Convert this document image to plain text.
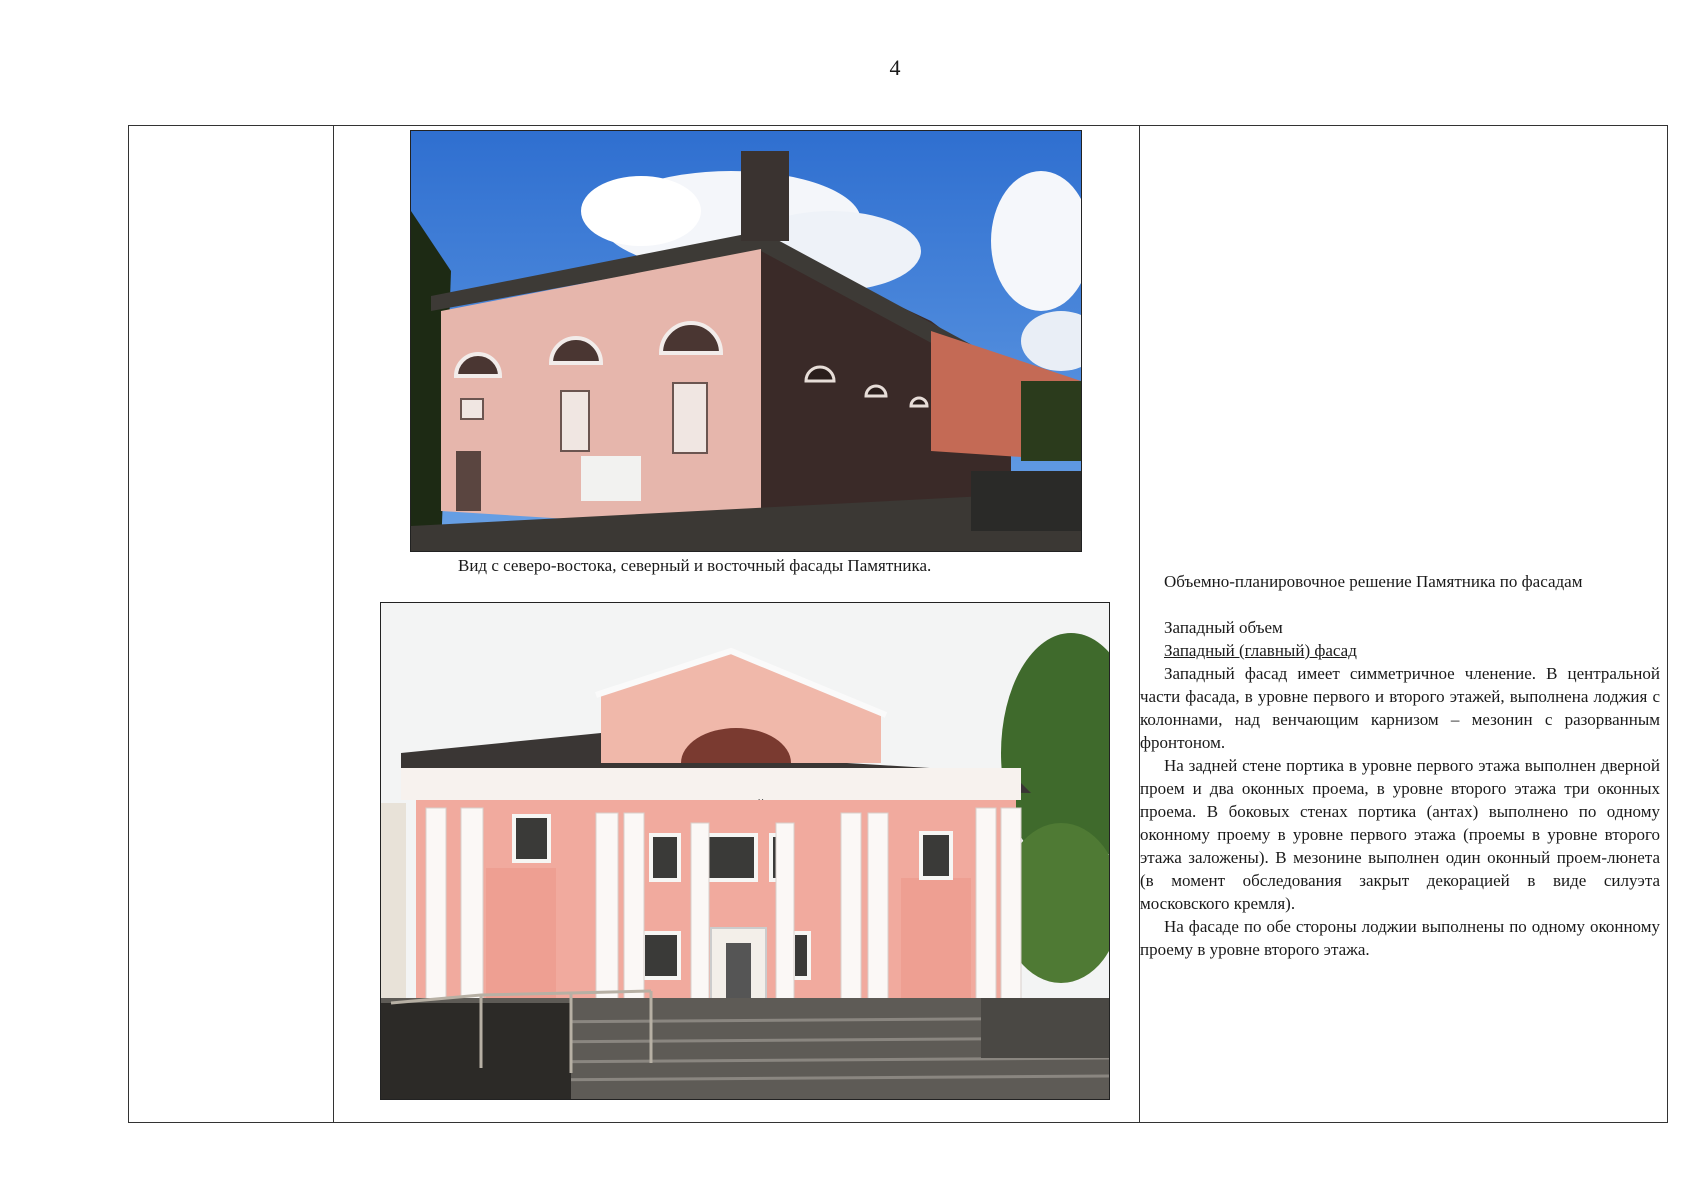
4
Вид с северо-востока, северный и восточный фасады Памятника.

Объемно-планировочное решение Памятника по фасадам

Западный объем

Западный (главный) фасад

Западный фасад имеет симметричное членение. В центральной части фасада, в уровне первого и второго этажей, выполнена лоджия с колоннами, над венчающим карнизом – мезонин с разорванным фронтоном.

На задней стене портика в уровне первого этажа выполнен дверной проем и два оконных проема, в уровне второго этажа три оконных проема. В боковых стенах портика (антах) выполнено по одному оконному проему в уровне первого этажа (проемы в уровне второго этажа заложены). В мезонине выполнен один оконный проем-люнета (в момент обследования закрыт декорацией в виде силуэта московского кремля).

На фасаде по обе стороны лоджии выполнены по одному оконному проему в уровне второго этажа.
